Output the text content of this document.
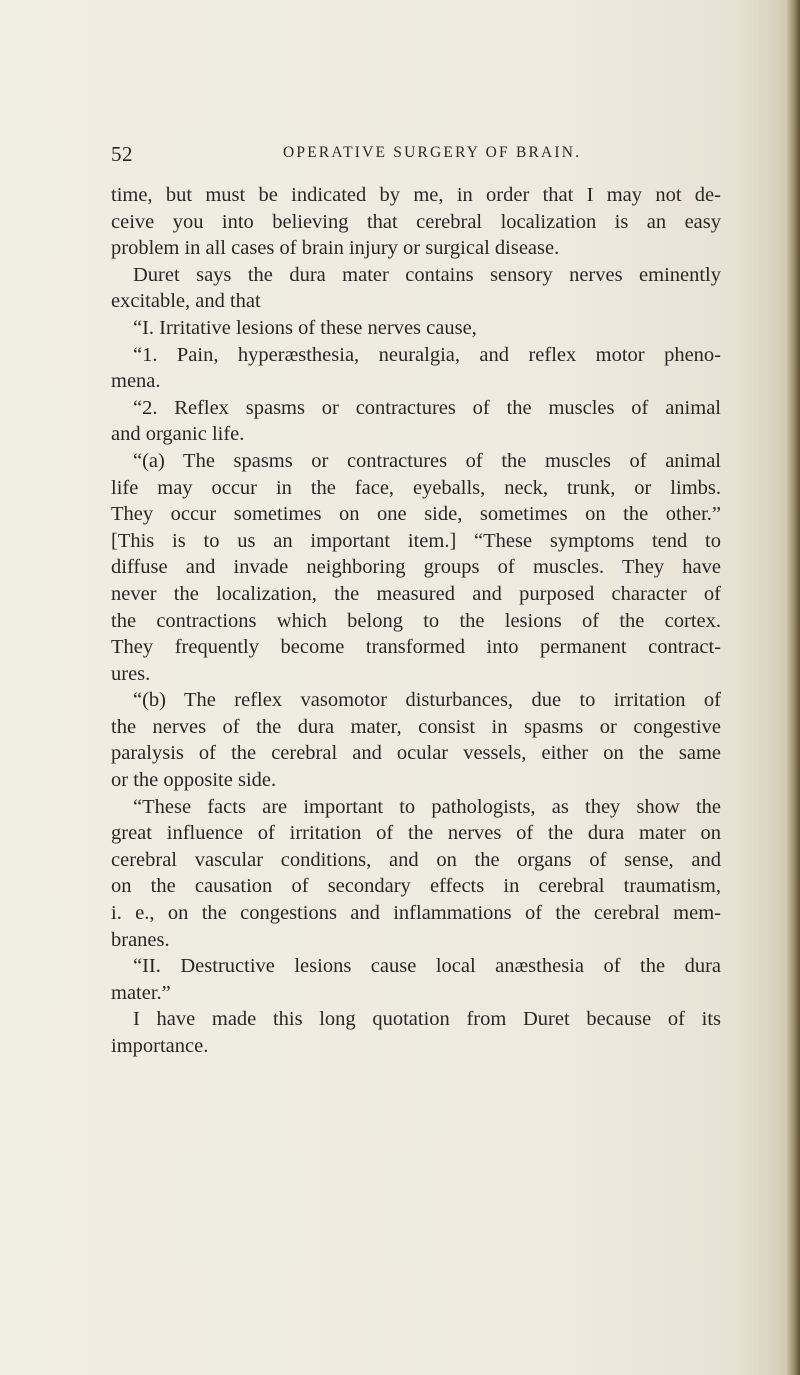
52	OPERATIVE SURGERY OF BRAIN.
time, but must be indicated by me, in order that I may not de-
ceive you into believing that cerebral localization is an easy
problem in all cases of brain injury or surgical disease.
Duret says the dura mater contains sensory nerves eminently
excitable, and that
“I. Irritative lesions of these nerves cause,
“1. Pain, hyperæsthesia, neuralgia, and reflex motor pheno-
mena.
“2. Reflex spasms or contractures of the muscles of animal
and organic life.
“(a) The spasms or contractures of the muscles of animal
life may occur in the face, eyeballs, neck, trunk, or limbs.
They occur sometimes on one side, sometimes on the other.”
[This is to us an important item.] “These symptoms tend to
diffuse and invade neighboring groups of muscles. They have
never the localization, the measured and purposed character of
the contractions which belong to the lesions of the cortex.
They frequently become transformed into permanent contract-
ures.
“(b) The reflex vasomotor disturbances, due to irritation of
the nerves of the dura mater, consist in spasms or congestive
paralysis of the cerebral and ocular vessels, either on the same
or the opposite side.
“These facts are important to pathologists, as they show the
great influence of irritation of the nerves of the dura mater on
cerebral vascular conditions, and on the organs of sense, and
on the causation of secondary effects in cerebral traumatism,
i. e., on the congestions and inflammations of the cerebral mem-
branes.
“II. Destructive lesions cause local anæsthesia of the dura
mater.”
I have made this long quotation from Duret because of its
importance.
